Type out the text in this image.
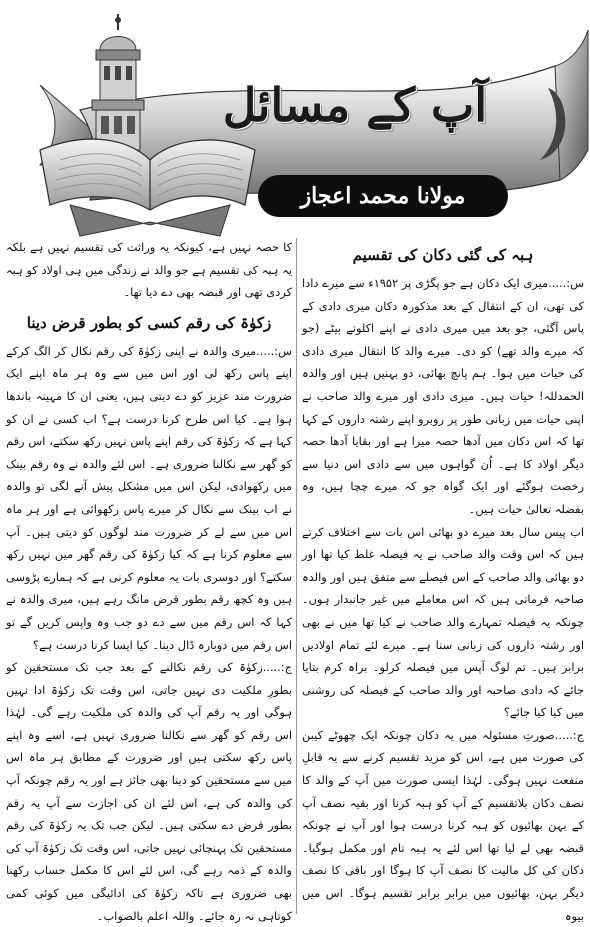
آپ کے مسائل
مولانا محمد اعجاز مصطفیٰ
ہبہ کی گئی دکان کی تقسیم

س:.....میری ایک دکان ہے جو پگڑی پر ۱۹۵۲ء سے میرے دادا کی تھی، ان کے انتقال کے بعد مذکورہ دکان میری دادی کے پاس آگئی، جو بعد میں میری دادی نے اپنے اکلوتے بیٹے (جو کہ میرے والد تھے) کو دی۔ میرے والد کا انتقال میری دادی کی حیات میں ہوا۔ ہم پانچ بھائی، دو بہنیں ہیں اور والدہ الحمدللہ! حیات ہیں۔ میری دادی اور میرے والد صاحب نے اپنی حیات میں زبانی طور پر روبرو اپنے رشتہ داروں کے کہا تھا کہ اس دکان میں آدھا حصہ میرا ہے اور بقایا آدھا حصہ دیگر اولاد کا ہے۔ اُن گواہوں میں سے دادی اس دنیا سے رخصت ہوگئے اور ایک گواہ جو کہ میرے چچا ہیں، وہ بفضلہ تعالیٰ حیات ہیں۔

اب پیس سال بعد میرے دو بھائی اس بات سے اختلاف کرتے ہیں کہ اس وقت والد صاحب نے یہ فیصلہ غلط کیا تھا اور دو بھائی والد صاحب کے اس فیصلے سے متفق ہیں اور والدہ صاحبہ فرماتی ہیں کہ اس معاملے میں غیر جانبدار ہوں۔ چونکہ یہ فیصلہ تمہارے والد صاحب نے کیا تھا میں نے بھی اور رشتہ داروں کی زبانی سنا ہے۔ میرے لئے تمام اولادیں برابر ہیں۔ تم لوگ آپس میں فیصلہ کرلو۔ براہ کرم بتایا جائے کہ دادی صاحبہ اور والد صاحب کے فیصلہ کی روشنی میں کیا کیا جائے؟

ج:.....صورتِ مسئولہ میں یہ دکان چونکہ ایک چھوٹے کیبن کی صورت میں ہے، اس کو مزید تقسیم کرنے سے یہ قابلِ منفعت نہیں ہوگی۔ لہٰذا ایسی صورت میں آپ کے والد کا نصف دکان بلاتقسیم کے آپ کو ہبہ کرنا اور بقیہ نصف آپ کے بہن بھائیوں کو ہبہ کرنا درست ہوا اور آپ نے چونکہ قبضہ بھی لے لیا تھا اس لئے یہ ہبہ تام اور مکمل ہوگیا۔ دکان کی کل مالیت کا نصف آپ کا ہوگا اور باقی کا نصف دیگر بہن، بھائیوں میں برابر برابر تقسیم ہوگا۔ اس میں بیوہ

کا حصہ نہیں ہے، کیونکہ یہ وراثت کی تقسیم نہیں ہے بلکہ یہ ہبہ کی تقسیم ہے جو والد نے زندگی میں ہی اولاد کو ہبہ کردی تھی اور قبضہ بھی دے دیا تھا۔

زکوٰۃ کی رقم کسی کو بطور قرض دینا

س:.....میری والدہ نے اپنی زکوٰۃ کی رقم نکال کر الگ کرکے اپنے پاس رکھ لی اور اس میں سے وہ ہر ماہ اپنے ایک ضرورت مند عزیز کو دے دیتی ہیں، یعنی ان کا مہینہ باندھا ہوا ہے۔ کیا اس طرح کرنا درست ہے؟ اب کسی نے ان کو کہا ہے کہ زکوٰۃ کی رقم اپنے پاس نہیں رکھ سکتے، اس رقم کو گھر سے نکالنا ضروری ہے۔ اس لئے والدہ نے وہ رقم بینک میں رکھوادی، لیکن اس میں مشکل پیش آنے لگی تو والدہ نے اب بینک سے نکال کر میرے پاس رکھوائی ہے اور ہر ماہ اس میں سے لے کر ضرورت مند لوگوں کو دیتی ہیں۔ آپ سے معلوم کرنا ہے کہ کیا زکوٰۃ کی رقم گھر میں نہیں رکھ سکتے؟ اور دوسری بات یہ معلوم کرنی ہے کہ ہمارے پڑوسی ہیں وہ کچھ رقم بطور قرض مانگ رہے ہیں، میری والدہ نے کہا کہ اس رقم میں سے دے دو جب وہ واپس کریں گے تو اس رقم میں دوبارہ ڈال دینا۔ کیا ایسا کرنا درست ہے؟

ج:.....زکوٰۃ کی رقم نکالنے کے بعد جب تک مستحقین کو بطورِ ملکیت دی نہیں جاتی، اس وقت تک زکوٰۃ ادا نہیں ہوگی اور یہ رقم آپ کی والدہ کی ملکیت رہے گی۔ لہٰذا اس رقم کو گھر سے نکالنا ضروری نہیں ہے، اسے وہ اپنے پاس رکھ سکتی ہیں اور ضرورت کے مطابق ہر ماہ اس میں سے مستحقین کو دینا بھی جائز ہے اور یہ رقم چونکہ آپ کی والدہ کی ہے، اس لئے ان کی اجازت سے آپ یہ رقم بطور قرض دے سکتی ہیں۔ لیکن جب تک یہ زکوٰۃ کی رقم مستحقین تک پہنچائی نہیں جاتی، اس وقت تک زکوٰۃ آپ کی والدہ کے ذمہ رہے گی، اس لئے اس کا مکمل حساب رکھنا بھی ضروری ہے تاکہ زکوٰۃ کی ادائیگی میں کوئی کمی کوتاہی نہ رہ جائے۔ واللہ اعلم بالصواب۔
